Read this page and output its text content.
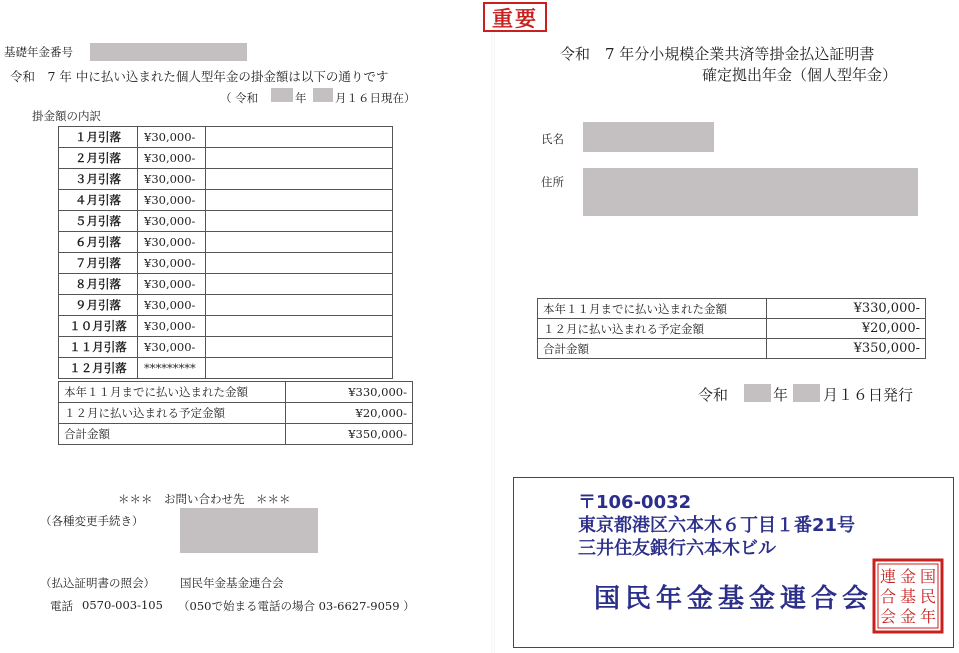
重要
基礎年金番号
令和　7 年 中に払い込まれた個人型年金の掛金額は以下の通りです
（ 令和	年 月１６日現在）
掛金額の内訳
１月引落	¥30,000-	
２月引落	¥30,000-	
３月引落	¥30,000-	
４月引落	¥30,000-	
５月引落	¥30,000-	
６月引落	¥30,000-	
７月引落	¥30,000-	
８月引落	¥30,000-	
９月引落	¥30,000-	
１０月引落	¥30,000-	
１１月引落	¥30,000-	
１２月引落	*********	
本年１１月までに払い込まれた金額	¥330,000-
１２月に払い込まれる予定金額	¥20,000-
合計金額	¥350,000-
＊＊＊　お問い合わせ先　＊＊＊
（各種変更手続き）
（払込証明書の照会） 国民年金基金連合会
電話 0570-003-105 （050で始まる電話の場合 03-6627-9059 ）
令和　7 年分小規模企業共済等掛金払込証明書
確定拠出年金（個人型年金）
氏名
住所
本年１１月までに払い込まれた金額	¥330,000-
１２月に払い込まれる予定金額	¥20,000-
合計金額	¥350,000-
令和	年 月１６日発行
〒106-0032
東京都港区六本木６丁目１番21号
三井住友銀行六本木ビル
国民年金基金連合会
国
民
年
金
基
金
連
合
会
